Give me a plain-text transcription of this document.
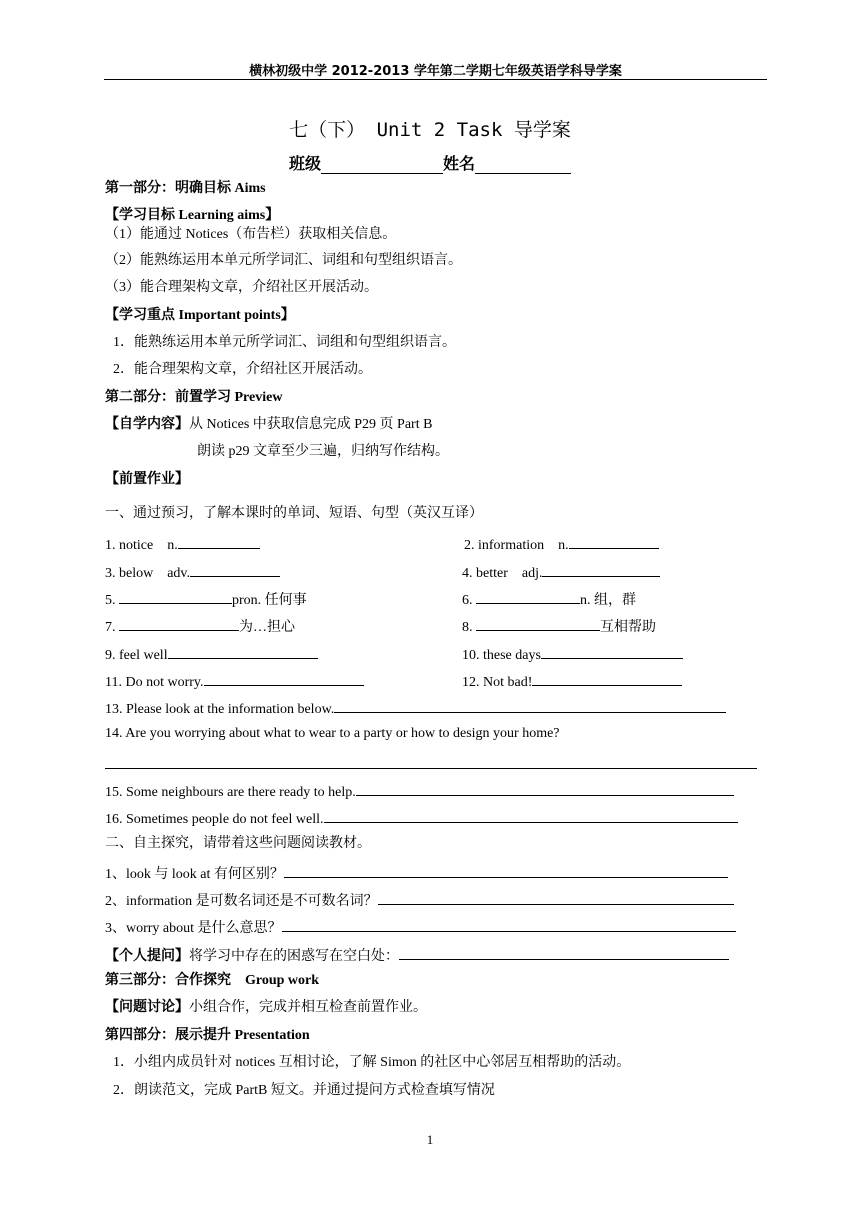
横林初级中学 2012-2013 学年第二学期七年级英语学科导学案
七（下） Unit 2 Task 导学案
班级	姓名
第一部分：明确目标 Aims
【学习目标 Learning aims】
（1）能通过 Notices（布告栏）获取相关信息。
（2）能熟练运用本单元所学词汇、词组和句型组织语言。
（3）能合理架构文章，介绍社区开展活动。
【学习重点 Important points】
1．能熟练运用本单元所学词汇、词组和句型组织语言。
2．能合理架构文章，介绍社区开展活动。
第二部分：前置学习 Preview
【自学内容】从 Notices 中获取信息完成 P29 页 Part B
朗读 p29 文章至少三遍，归纳写作结构。
【前置作业】
一、通过预习，了解本课时的单词、短语、句型（英汉互译）
1. notice　n.	2. information　n.
3. below　adv.	4. better　adj.
5.	pron. 任何事	6.	n. 组，群
7.	为…担心	8.	互相帮助
9. feel well	10. these days
11. Do not worry.	12. Not bad!
13. Please look at the information below.
14. Are you worrying about what to wear to a party or how to design your home?
15. Some neighbours are there ready to help.
16. Sometimes people do not feel well.
二、自主探究，请带着这些问题阅读教材。
1、look 与 look at 有何区别？
2、information 是可数名词还是不可数名词？
3、worry about 是什么意思？
【个人提问】将学习中存在的困惑写在空白处：
第三部分：合作探究　Group work
【问题讨论】小组合作，完成并相互检查前置作业。
第四部分：展示提升 Presentation
1．小组内成员针对 notices 互相讨论，了解 Simon 的社区中心邻居互相帮助的活动。
2．朗读范文，完成 PartB 短文。并通过提问方式检查填写情况
1
